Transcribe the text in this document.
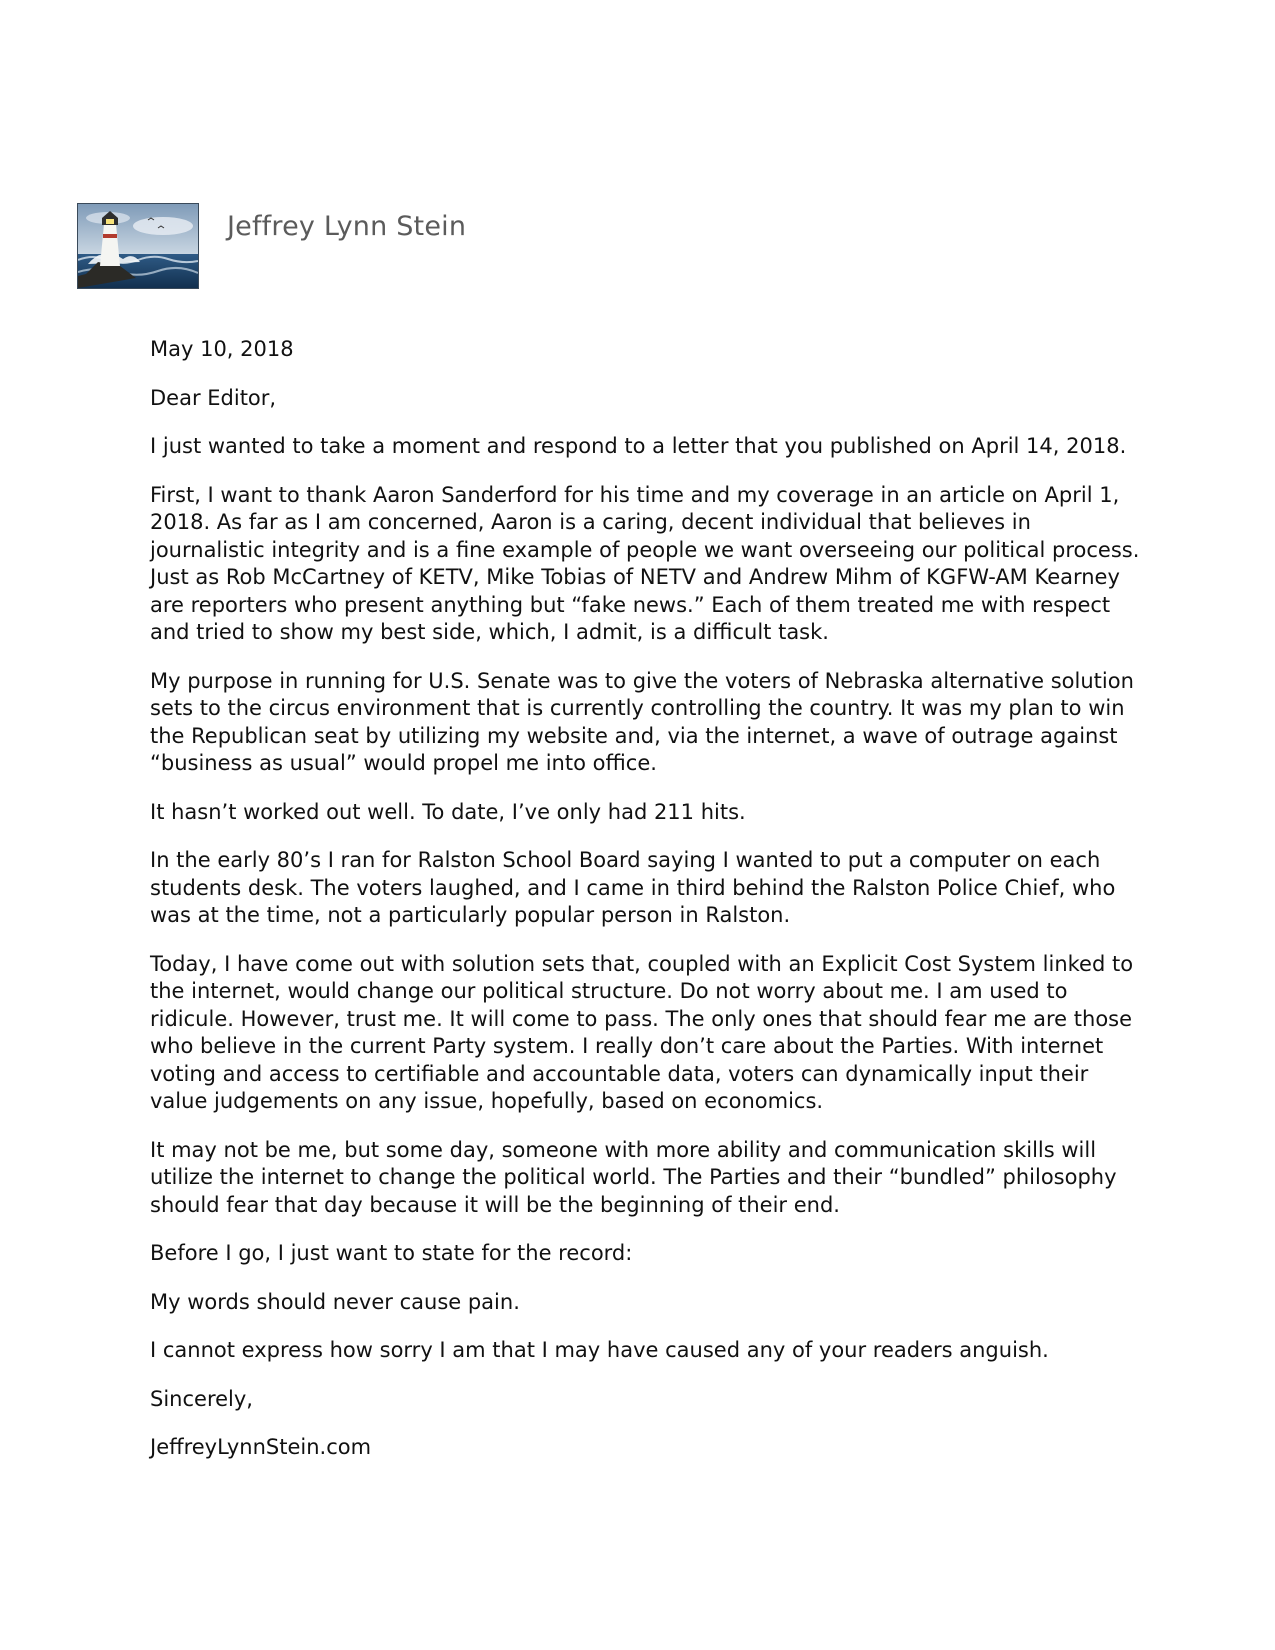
Jeffrey Lynn Stein

May 10, 2018

Dear Editor,

I just wanted to take a moment and respond to a letter that you published on April 14, 2018.

First, I want to thank Aaron Sanderford for his time and my coverage in an article on April 1, 2018. As far as I am concerned, Aaron is a caring, decent individual that believes in journalistic integrity and is a fine example of people we want overseeing our political process. Just as Rob McCartney of KETV, Mike Tobias of NETV and Andrew Mihm of KGFW-AM Kearney are reporters who present anything but “fake news.” Each of them treated me with respect and tried to show my best side, which, I admit, is a difficult task.

My purpose in running for U.S. Senate was to give the voters of Nebraska alternative solution sets to the circus environment that is currently controlling the country. It was my plan to win the Republican seat by utilizing my website and, via the internet, a wave of outrage against “business as usual” would propel me into office.

It hasn’t worked out well. To date, I’ve only had 211 hits.

In the early 80’s I ran for Ralston School Board saying I wanted to put a computer on each students desk. The voters laughed, and I came in third behind the Ralston Police Chief, who was at the time, not a particularly popular person in Ralston.

Today, I have come out with solution sets that, coupled with an Explicit Cost System linked to the internet, would change our political structure. Do not worry about me. I am used to ridicule. However, trust me. It will come to pass. The only ones that should fear me are those who believe in the current Party system. I really don’t care about the Parties. With internet voting and access to certifiable and accountable data, voters can dynamically input their value judgements on any issue, hopefully, based on economics.

It may not be me, but some day, someone with more ability and communication skills will utilize the internet to change the political world. The Parties and their “bundled” philosophy should fear that day because it will be the beginning of their end.

Before I go, I just want to state for the record:

My words should never cause pain.

I cannot express how sorry I am that I may have caused any of your readers anguish.

Sincerely,

JeffreyLynnStein.com
